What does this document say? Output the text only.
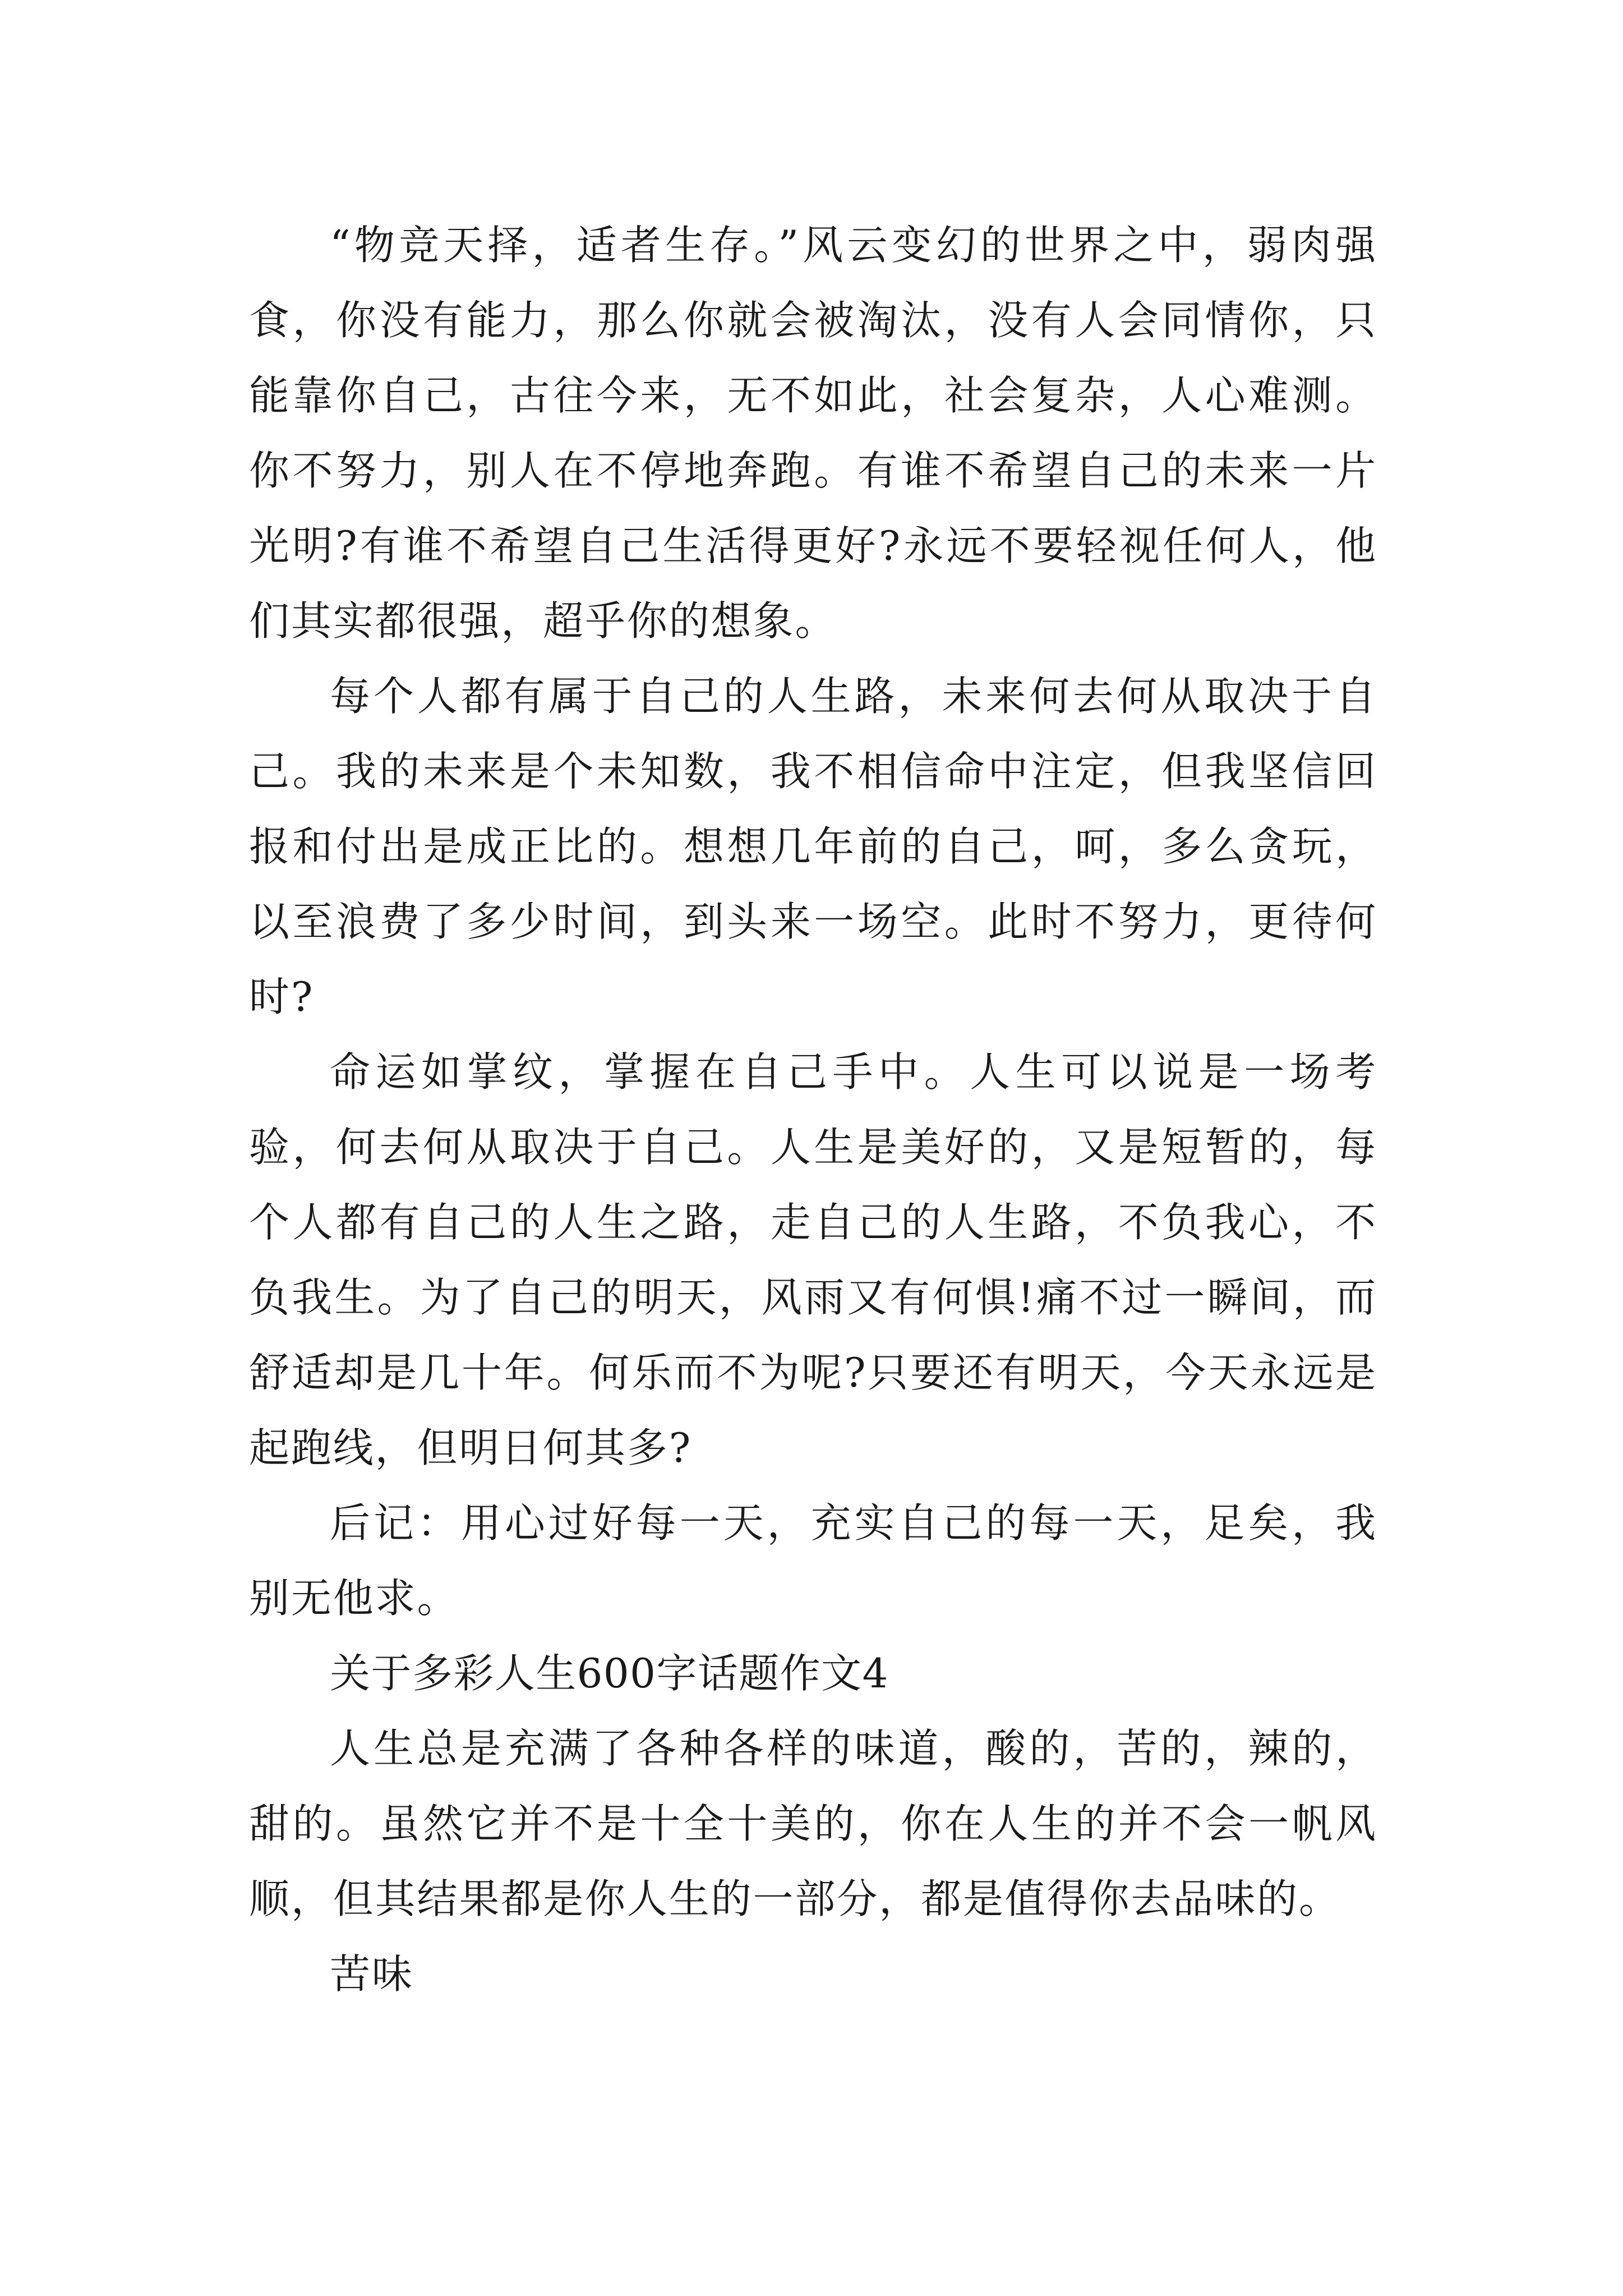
“物竞天择，适者生存。”风云变幻的世界之中，弱肉强食，你没有能力，那么你就会被淘汰，没有人会同情你，只能靠你自己，古往今来，无不如此，社会复杂，人心难测。你不努力，别人在不停地奔跑。有谁不希望自己的未来一片光明?有谁不希望自己生活得更好?永远不要轻视任何人，他们其实都很强，超乎你的想象。

每个人都有属于自己的人生路，未来何去何从取决于自己。我的未来是个未知数，我不相信命中注定，但我坚信回报和付出是成正比的。想想几年前的自己，呵，多么贪玩，以至浪费了多少时间，到头来一场空。此时不努力，更待何时?

命运如掌纹，掌握在自己手中。人生可以说是一场考验，何去何从取决于自己。人生是美好的，又是短暂的，每个人都有自己的人生之路，走自己的人生路，不负我心，不负我生。为了自己的明天，风雨又有何惧!痛不过一瞬间，而舒适却是几十年。何乐而不为呢?只要还有明天，今天永远是起跑线，但明日何其多?

后记：用心过好每一天，充实自己的每一天，足矣，我别无他求。

关于多彩人生600字话题作文4

人生总是充满了各种各样的味道，酸的，苦的，辣的，甜的。虽然它并不是十全十美的，你在人生的并不会一帆风顺，但其结果都是你人生的一部分，都是值得你去品味的。

苦味
